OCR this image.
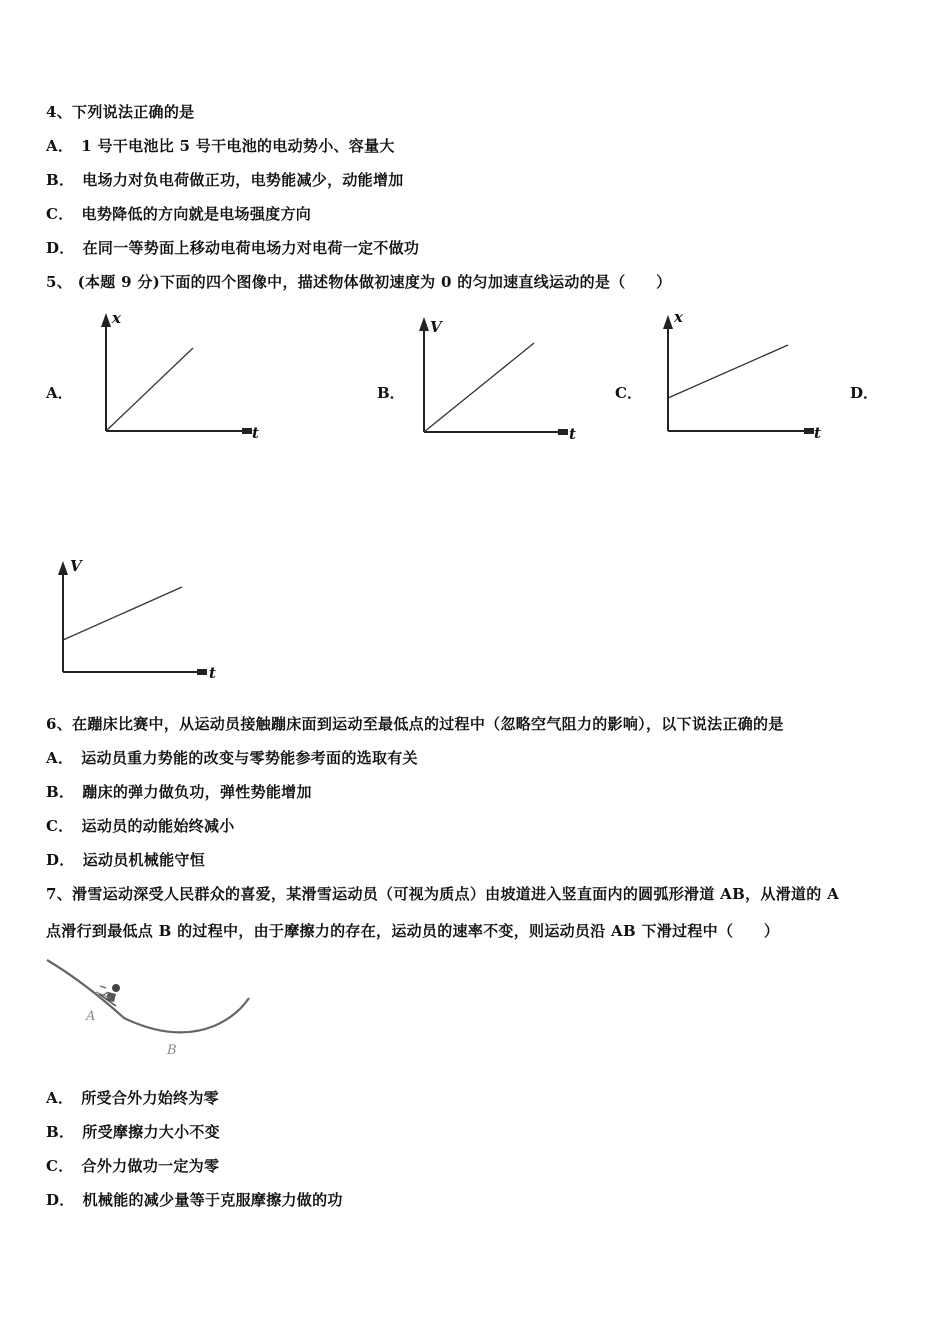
4、下列说法正确的是
A． 1 号干电池比 5 号干电池的电动势小、容量大
B． 电场力对负电荷做正功，电势能减少，动能增加
C． 电势降低的方向就是电场强度方向
D． 在同一等势面上移动电荷电场力对电荷一定不做功
5、 (本题 9 分)下面的四个图像中，描述物体做初速度为 0 的匀加速直线运动的是（　　）
A．
x
t
B．
V
t
C．
x
t
D．
V
t
6、在蹦床比赛中，从运动员接触蹦床面到运动至最低点的过程中（忽略空气阻力的影响），以下说法正确的是
A． 运动员重力势能的改变与零势能参考面的选取有关
B． 蹦床的弹力做负功，弹性势能增加
C． 运动员的动能始终减小
D． 运动员机械能守恒
7、滑雪运动深受人民群众的喜爱，某滑雪运动员（可视为质点）由坡道进入竖直面内的圆弧形滑道 AB，从滑道的 A
点滑行到最低点 B 的过程中，由于摩擦力的存在，运动员的速率不变，则运动员沿 AB 下滑过程中（　　）
A
B
A． 所受合外力始终为零
B． 所受摩擦力大小不变
C． 合外力做功一定为零
D． 机械能的减少量等于克服摩擦力做的功
